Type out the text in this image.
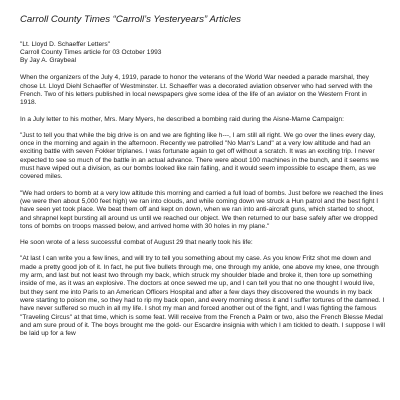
Carroll County Times “Carroll’s Yesteryears” Articles

"Lt. Lloyd D. Schaeffer Letters"

Carroll County Times article for 03 October 1993

By Jay A. Graybeal

When the organizers of the July 4, 1919, parade to honor the veterans of the World War needed a parade marshal, they chose Lt. Lloyd Diehl Schaeffer of Westminster. Lt. Schaeffer was a decorated aviation observer who had served with the French. Two of his letters published in local newspapers give some idea of the life of an aviator on the Western Front in 1918.

In a July letter to his mother, Mrs. Mary Myers, he described a bombing raid during the Aisne-Marne Campaign:

"Just to tell you that while the big drive is on and we are fighting like h---, I am still all right. We go over the lines every day, once in the morning and again in the afternoon. Recently we patrolled "No Man's Land" at a very low altitude and had an exciting battle with seven Fokker triplanes. I was fortunate again to get off without a scratch. It was an exciting trip. I never expected to see so much of the battle in an actual advance. There were about 100 machines in the bunch, and it seems we must have wiped out a division, as our bombs looked like rain falling, and it would seem impossible to escape them, as we covered miles.

"We had orders to bomb at a very low altitude this morning and carried a full load of bombs. Just before we reached the lines (we were then about 5,000 feet high) we ran into clouds, and while coming down we struck a Hun patrol and the best fight I have seen yet took place. We beat them off and kept on down, when we ran into anti-aircraft guns, which started to shoot, and shrapnel kept bursting all around us until we reached our object. We then returned to our base safely after we dropped tons of bombs on troops massed below, and arrived home with 30 holes in my plane."

He soon wrote of a less successful combat of August 29 that nearly took his life:

"At last I can write you a few lines, and will try to tell you something about my case. As you know Fritz shot me down and made a pretty good job of it. In fact, he put five bullets through me, one through my ankle, one above my knee, one through my arm, and last but not least two through my back, which struck my shoulder blade and broke it, then tore up something inside of me, as it was an explosive. The doctors at once sewed me up, and I can tell you that no one thought I would live, but they sent me into Paris to an American Officers Hospital and after a few days they discovered the wounds in my back were starting to poison me, so they had to rip my back open, and every morning dress it and I suffer tortures of the damned. I have never suffered so much in all my life. I shot my man and forced another out of the fight, and I was fighting the famous "Traveling Circus" at that time, which is some feat. Will receive from the French a Palm or two, also the French Blesse Medal and am sure proud of it. The boys brought me the gold- our Escardre insignia with which I am tickled to death. I suppose I will be laid up for a few
